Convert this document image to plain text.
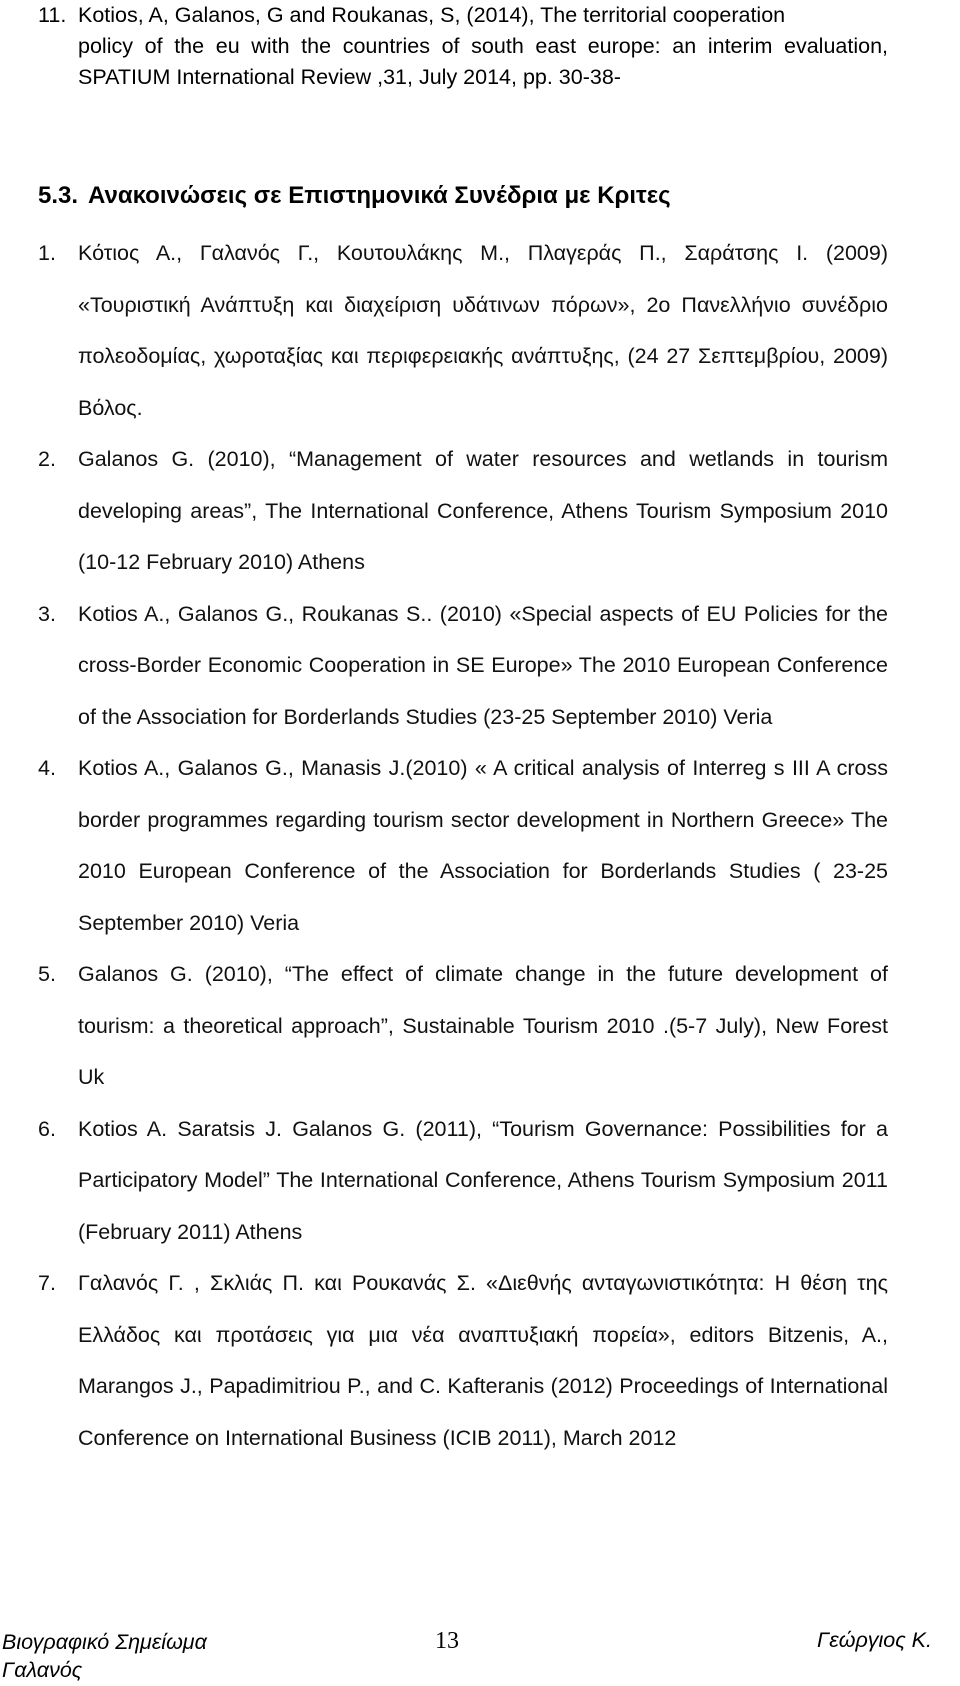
11. Kotios, A, Galanos, G and Roukanas, S, (2014), The territorial cooperation
policy of the eu with the countries of south east europe: an interim evaluation, SPATIUM International Review ,31, July 2014, pp. 30-38-
5.3. Ανακοινώσεις σε Επιστημονικά Συνέδρια με Κριτες
1. Κότιος Α., Γαλανός Γ., Κουτουλάκης Μ., Πλαγεράς Π., Σαράτσης Ι. (2009) «Τουριστική Ανάπτυξη και διαχείριση υδάτινων πόρων», 2ο Πανελλήνιο συνέδριο πολεοδομίας, χωροταξίας και περιφερειακής ανάπτυξης, (24 27 Σεπτεμβρίου, 2009) Βόλος.
2. Galanos G. (2010), “Management of water resources and wetlands in tourism developing areas”, The International Conference, Athens Tourism Symposium 2010 (10-12 February 2010) Athens
3. Kotios A., Galanos G., Roukanas S.. (2010) «Special aspects of EU Policies for the cross-Border Economic Cooperation in SE Europe» The 2010 European Conference of the Association for Borderlands Studies (23-25 September 2010) Veria
4. Kotios A., Galanos G., Manasis J.(2010) « A critical analysis of Interreg s III A cross border programmes regarding tourism sector development in Northern Greece» The 2010 European Conference of the Association for Borderlands Studies ( 23-25 September 2010) Veria
5. Galanos G. (2010), “The effect of climate change in the future development of tourism: a theoretical approach”, Sustainable Tourism 2010 .(5-7 July), New Forest Uk
6. Kotios A. Saratsis J. Galanos G. (2011), “Tourism Governance: Possibilities for a Participatory Model” The International Conference, Athens Tourism Symposium 2011 (February 2011) Athens
7. Γαλανός Γ. , Σκλιάς Π. και Ρουκανάς Σ. «Διεθνής ανταγωνιστικότητα: Η θέση της Ελλάδος και προτάσεις για μια νέα αναπτυξιακή πορεία», editors Bitzenis, A., Marangos J., Papadimitriou P., and C. Kafteranis (2012) Proceedings of International Conference on International Business (ICIB 2011), March 2012
Βιογραφικό Σημείωμα Γαλανός
13	Γεώργιος Κ.
